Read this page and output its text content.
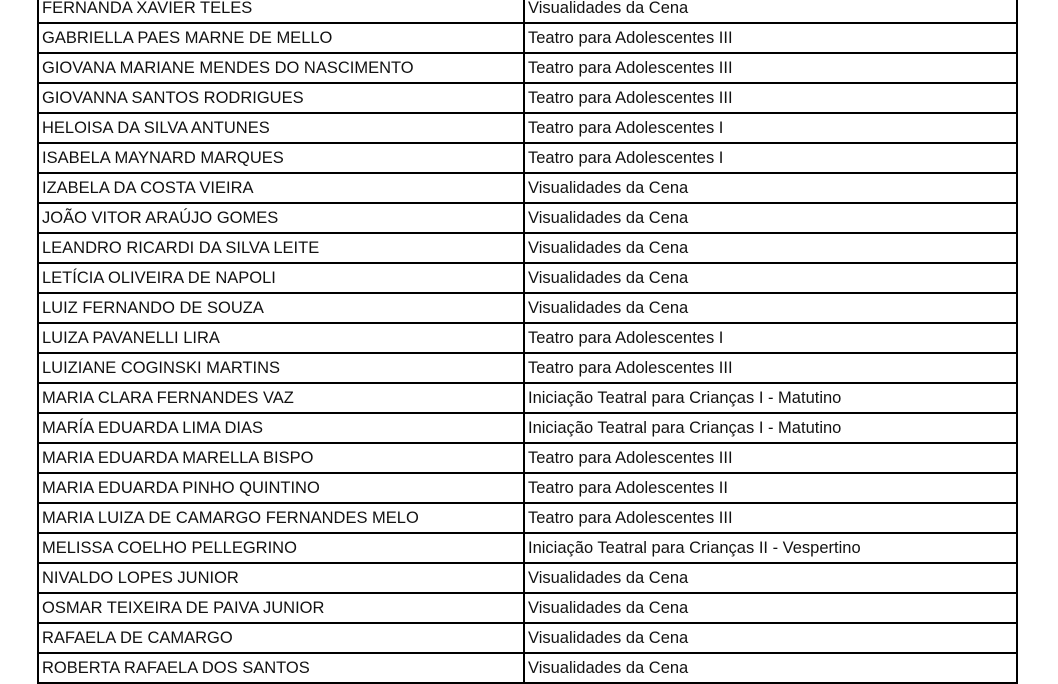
FERNANDA XAVIER TELES	Visualidades da Cena
GABRIELLA PAES MARNE DE MELLO	Teatro para Adolescentes III
GIOVANA MARIANE MENDES DO NASCIMENTO	Teatro para Adolescentes III
GIOVANNA SANTOS RODRIGUES	Teatro para Adolescentes III
HELOISA DA SILVA ANTUNES	Teatro para Adolescentes I
ISABELA MAYNARD MARQUES	Teatro para Adolescentes I
IZABELA DA COSTA VIEIRA	Visualidades da Cena
JOÃO VITOR ARAÚJO GOMES	Visualidades da Cena
LEANDRO RICARDI DA SILVA LEITE	Visualidades da Cena
LETÍCIA OLIVEIRA DE NAPOLI	Visualidades da Cena
LUIZ FERNANDO DE SOUZA	Visualidades da Cena
LUIZA PAVANELLI LIRA	Teatro para Adolescentes I
LUIZIANE COGINSKI MARTINS	Teatro para Adolescentes III
MARIA CLARA FERNANDES VAZ	Iniciação Teatral para Crianças I - Matutino
MARÍA EDUARDA LIMA DIAS	Iniciação Teatral para Crianças I - Matutino
MARIA EDUARDA MARELLA BISPO	Teatro para Adolescentes III
MARIA EDUARDA PINHO QUINTINO	Teatro para Adolescentes II
MARIA LUIZA DE CAMARGO FERNANDES MELO	Teatro para Adolescentes III
MELISSA COELHO PELLEGRINO	Iniciação Teatral para Crianças II - Vespertino
NIVALDO LOPES JUNIOR	Visualidades da Cena
OSMAR TEIXEIRA DE PAIVA JUNIOR	Visualidades da Cena
RAFAELA DE CAMARGO	Visualidades da Cena
ROBERTA RAFAELA DOS SANTOS	Visualidades da Cena
